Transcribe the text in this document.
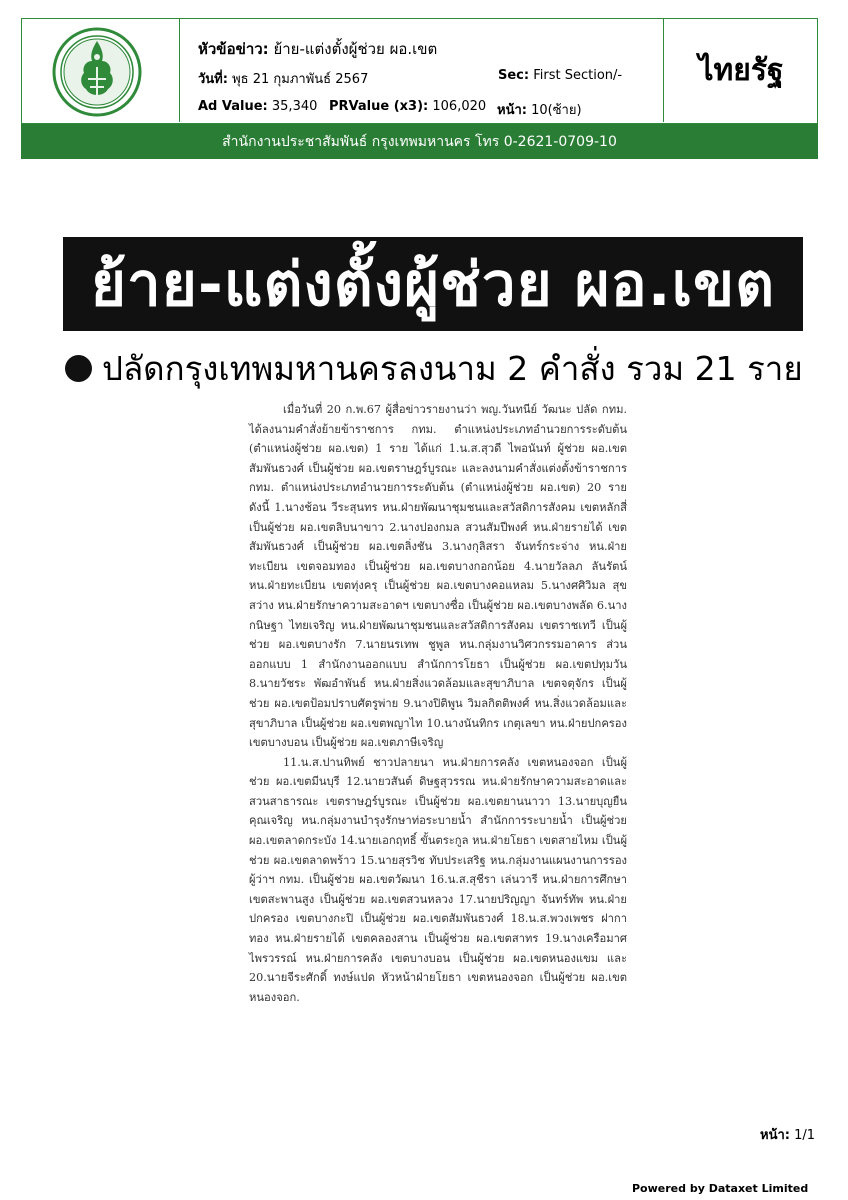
หัวข้อข่าว: ย้าย-แต่งตั้งผู้ช่วย ผอ.เขต
วันที่: พุธ 21 กุมภาพันธ์ 2567	Sec: First Section/-
Ad Value: 35,340 PRValue (x3): 106,020 หน้า: 10(ซ้าย)
ไทยรัฐ
สำนักงานประชาสัมพันธ์ กรุงเทพมหานคร โทร 0-2621-0709-10
ย้าย-แต่งตั้งผู้ช่วย ผอ.เขต
ปลัดกรุงเทพมหานครลงนาม 2 คำสั่ง รวม 21 ราย

เมื่อวันที่ 20 ก.พ.67 ผู้สื่อข่าวรายงานว่า พญ.วันทนีย์ วัฒนะ ปลัด กทม. ได้ลงนามคำสั่งย้ายข้าราชการ กทม. ตำแหน่งประเภทอำนวยการระดับต้น (ตำแหน่งผู้ช่วย ผอ.เขต) 1 ราย ได้แก่ 1.น.ส.สุวดี ไพอนันท์ ผู้ช่วย ผอ.เขตสัมพันธวงศ์ เป็นผู้ช่วย ผอ.เขตราษฎร์บูรณะ และลงนามคำสั่งแต่งตั้งข้าราชการ กทม. ตำแหน่งประเภทอำนวยการระดับต้น (ตำแหน่งผู้ช่วย ผอ.เขต) 20 ราย ดังนี้ 1.นางช้อน วีระสุนทร หน.ฝ่ายพัฒนาชุมชนและสวัสดิการสังคม เขตหลักสี่ เป็นผู้ช่วย ผอ.เขตลิบนาขาว 2.นางปองกมล สวนสัมปีพงศ์ หน.ฝ่ายรายได้ เขตสัมพันธวงศ์ เป็นผู้ช่วย ผอ.เขตลิ่งชัน 3.นางกุลิสรา จันทร์กระจ่าง หน.ฝ่ายทะเบียน เขตจอมทอง เป็นผู้ช่วย ผอ.เขตบางกอกน้อย 4.นายวัลลภ ลันรัตน์ หน.ฝ่ายทะเบียน เขตทุ่งครุ เป็นผู้ช่วย ผอ.เขตบางคอแหลม 5.นางศศิวิมล สุขสว่าง หน.ฝ่ายรักษาความสะอาดฯ เขตบางซื่อ เป็นผู้ช่วย ผอ.เขตบางพลัด 6.นางกนิษฐา ไทยเจริญ หน.ฝ่ายพัฒนาชุมชนและสวัสดิการสังคม เขตราชเทวี เป็นผู้ช่วย ผอ.เขตบางรัก 7.นายนรเทพ ชูพูล หน.กลุ่มงานวิศวกรรมอาคาร ส่วนออกแบบ 1 สำนักงานออกแบบ สำนักการโยธา เป็นผู้ช่วย ผอ.เขตปทุมวัน 8.นายวัชระ พัฒอำพันธ์ หน.ฝ่ายสิ่งแวดล้อมและสุขาภิบาล เขตจตุจักร เป็นผู้ช่วย ผอ.เขตป้อมปราบศัตรูพ่าย 9.นางปิติพูน วิมลกิตติพงศ์ หน.สิ่งแวดล้อมและสุขาภิบาล เป็นผู้ช่วย ผอ.เขตพญาไท 10.นางนันทิกร เกตุเลขา หน.ฝ่ายปกครอง เขตบางบอน เป็นผู้ช่วย ผอ.เขตภาษีเจริญ

11.น.ส.ปานทิพย์ ชาวปลายนา หน.ฝ่ายการคลัง เขตหนองจอก เป็นผู้ช่วย ผอ.เขตมีนบุรี 12.นายวสันต์ ดิษฐสุวรรณ หน.ฝ่ายรักษาความสะอาดและสวนสาธารณะ เขตราษฎร์บูรณะ เป็นผู้ช่วย ผอ.เขตยานนาวา 13.นายบุญยืน คุณเจริญ หน.กลุ่มงานบำรุงรักษาท่อระบายน้ำ สำนักการระบายน้ำ เป็นผู้ช่วย ผอ.เขตลาดกระบัง 14.นายเอกฤทธิ์ ขั้นตระกูล หน.ฝ่ายโยธา เขตสายไหม เป็นผู้ช่วย ผอ.เขตลาดพร้าว 15.นายสุรวิช ทับประเสริฐ หน.กลุ่มงานแผนงานการรองผู้ว่าฯ กทม. เป็นผู้ช่วย ผอ.เขตวัฒนา 16.น.ส.สุชีรา เล่นวารี หน.ฝ่ายการศึกษา เขตสะพานสูง เป็นผู้ช่วย ผอ.เขตสวนหลวง 17.นายปริญญา จันทร์ทัพ หน.ฝ่ายปกครอง เขตบางกะปิ เป็นผู้ช่วย ผอ.เขตสัมพันธวงศ์ 18.น.ส.พวงเพชร ฝากาทอง หน.ฝ่ายรายได้ เขตคลองสาน เป็นผู้ช่วย ผอ.เขตสาทร 19.นางเครือมาศ ไพรวรรณ์ หน.ฝ่ายการคลัง เขตบางบอน เป็นผู้ช่วย ผอ.เขตหนองแขม และ 20.นายจีระศักดิ์ ทงษ์แปด หัวหน้าฝ่ายโยธา เขตหนองจอก เป็นผู้ช่วย ผอ.เขตหนองจอก.

หน้า: 1/1
Powered by Dataxet Limited
